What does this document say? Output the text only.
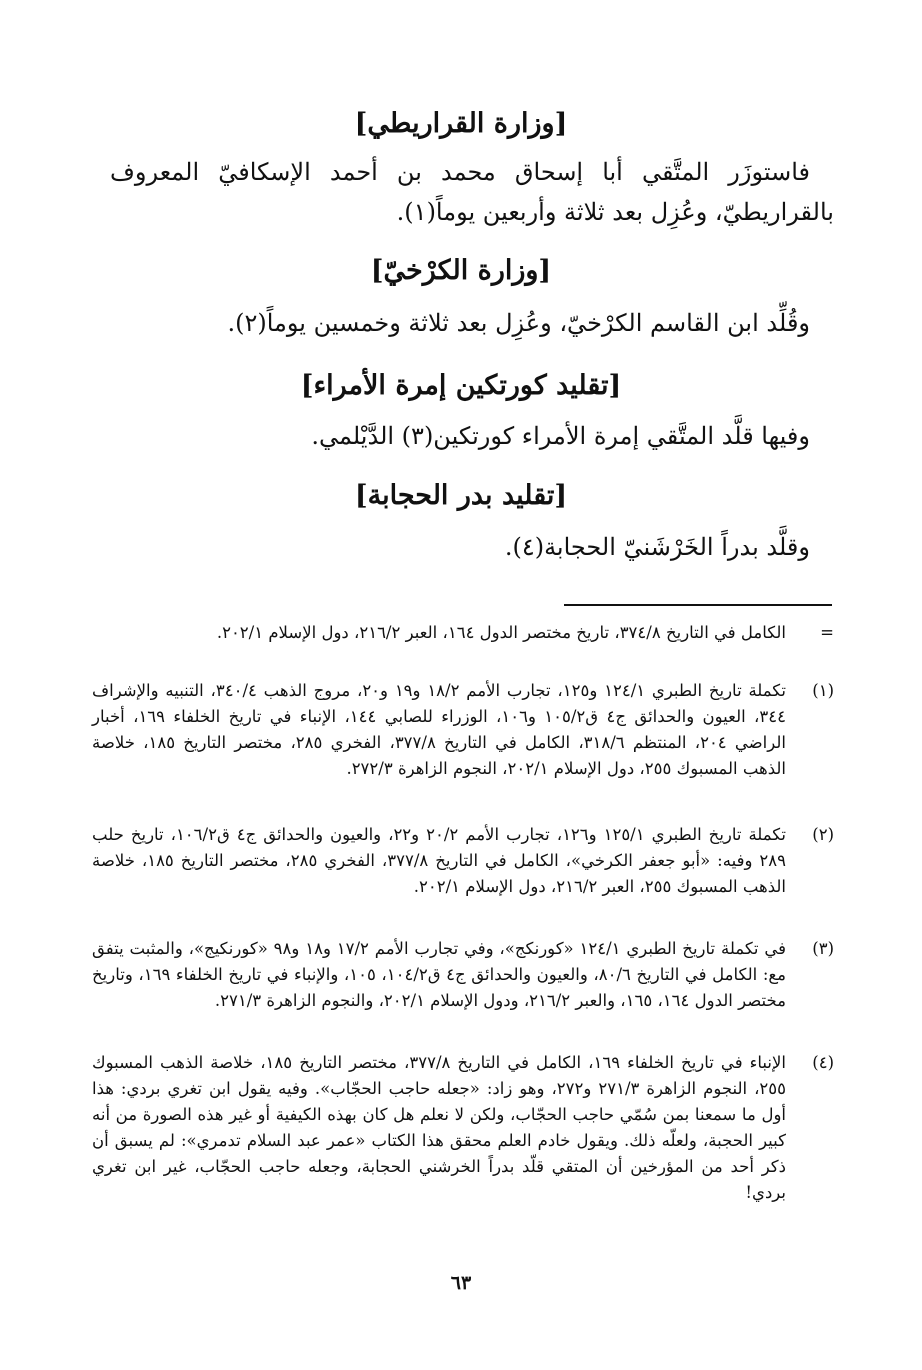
[وزارة القراريطي]
فاستوزَر المتَّقي أبا إسحاق محمد بن أحمد الإسكافيّ المعروف بالقراريطيّ، وعُزِل بعد ثلاثة وأربعين يوماً(١).
[وزارة الكرْخيّ]
وقُلِّد ابن القاسم الكرْخيّ، وعُزِل بعد ثلاثة وخمسين يوماً(٢).
[تقليد كورتكين إمرة الأمراء]
وفيها قلَّد المتَّقي إمرة الأمراء كورتكين(٣) الدَّيْلمي.
[تقليد بدر الحجابة]
وقلَّد بدراً الخَرْشَنيّ الحجابة(٤).
=
الكامل في التاريخ ٣٧٤/٨، تاريخ مختصر الدول ١٦٤، العبر ٢١٦/٢، دول الإسلام ٢٠٢/١.
(١)
تكملة تاريخ الطبري ١٢٤/١ و١٢٥، تجارب الأمم ١٨/٢ و١٩ و٢٠، مروج الذهب ٣٤٠/٤، التنبيه والإشراف ٣٤٤، العيون والحدائق ج٤ ق١٠٥/٢ و١٠٦، الوزراء للصابي ١٤٤، الإنباء في تاريخ الخلفاء ١٦٩، أخبار الراضي ٢٠٤، المنتظم ٣١٨/٦، الكامل في التاريخ ٣٧٧/٨، الفخري ٢٨٥، مختصر التاريخ ١٨٥، خلاصة الذهب المسبوك ٢٥٥، دول الإسلام ٢٠٢/١، النجوم الزاهرة ٢٧٢/٣.
(٢)
تكملة تاريخ الطبري ١٢٥/١ و١٢٦، تجارب الأمم ٢٠/٢ و٢٢، والعيون والحدائق ج٤ ق١٠٦/٢، تاريخ حلب ٢٨٩ وفيه: «أبو جعفر الكرخي»، الكامل في التاريخ ٣٧٧/٨، الفخري ٢٨٥، مختصر التاريخ ١٨٥، خلاصة الذهب المسبوك ٢٥٥، العبر ٢١٦/٢، دول الإسلام ٢٠٢/١.
(٣)
في تكملة تاريخ الطبري ١٢٤/١ «كورنكج»، وفي تجارب الأمم ١٧/٢ و١٨ و٩٨ «كورنكيج»، والمثبت يتفق مع: الكامل في التاريخ ٨٠/٦، والعيون والحدائق ج٤ ق١٠٤/٢، ١٠٥، والإنباء في تاريخ الخلفاء ١٦٩، وتاريخ مختصر الدول ١٦٤، ١٦٥، والعبر ٢١٦/٢، ودول الإسلام ٢٠٢/١، والنجوم الزاهرة ٢٧١/٣.
(٤)
الإنباء في تاريخ الخلفاء ١٦٩، الكامل في التاريخ ٣٧٧/٨، مختصر التاريخ ١٨٥، خلاصة الذهب المسبوك ٢٥٥، النجوم الزاهرة ٢٧١/٣ و٢٧٢، وهو زاد: «جعله حاجب الحجّاب». وفيه يقول ابن تغري بردي: هذا أول ما سمعنا بمن سُمّي حاجب الحجّاب، ولكن لا نعلم هل كان بهذه الكيفية أو غير هذه الصورة من أنه كبير الحجبة، ولعلّه ذلك. ويقول خادم العلم محقق هذا الكتاب «عمر عبد السلام تدمري»: لم يسبق أن ذكر أحد من المؤرخين أن المتقي قلّد بدراً الخرشني الحجابة، وجعله حاجب الحجّاب، غير ابن تغري بردي!
٦٣
